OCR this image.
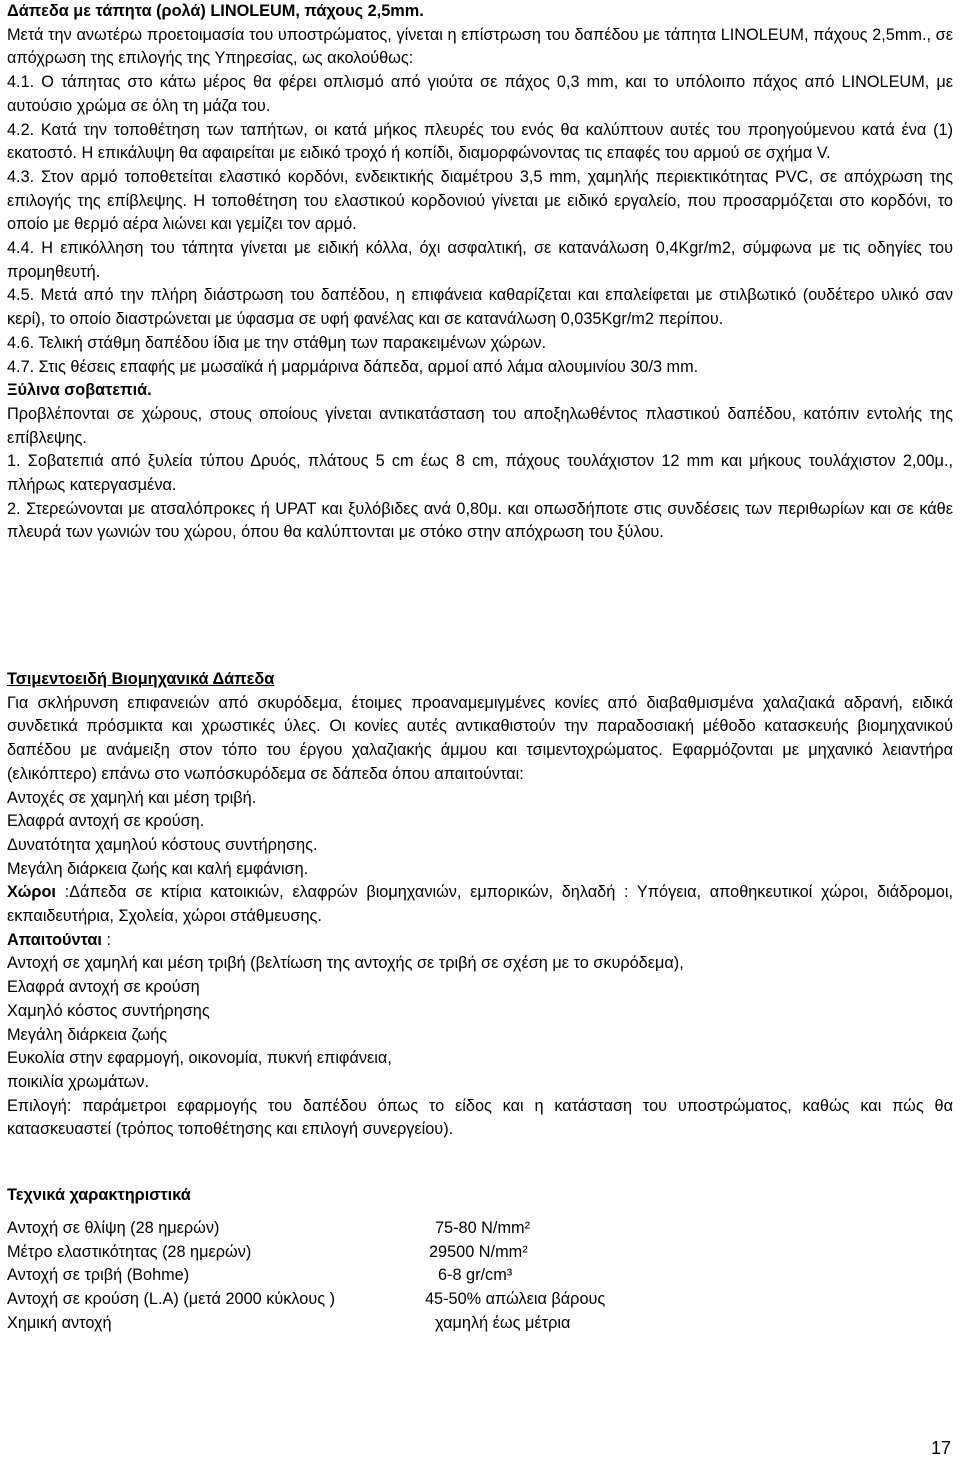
Δάπεδα με τάπητα (ρολά) LINOLEUM, πάχους 2,5mm.

Μετά την ανωτέρω προετοιμασία του υποστρώματος, γίνεται η επίστρωση του δαπέδου με τάπητα LINOLEUM, πάχους 2,5mm., σε απόχρωση της επιλογής της Υπηρεσίας, ως ακολούθως:

4.1. Ο τάπητας στο κάτω μέρος θα φέρει οπλισμό από γιούτα σε πάχος 0,3 mm, και το υπόλοιπο πάχος από LINOLEUM, με αυτούσιο χρώμα σε όλη τη μάζα του.

4.2. Κατά την τοποθέτηση των ταπήτων, οι κατά μήκος πλευρές του ενός θα καλύπτουν αυτές του προηγούμενου κατά ένα (1) εκατοστό. Η επικάλυψη θα αφαιρείται με ειδικό τροχό ή κοπίδι, διαμορφώνοντας τις επαφές του αρμού σε σχήμα V.

4.3. Στον αρμό τοποθετείται ελαστικό κορδόνι, ενδεικτικής διαμέτρου 3,5 mm, χαμηλής περιεκτικότητας PVC, σε απόχρωση της επιλογής της επίβλεψης. Η τοποθέτηση του ελαστικού κορδονιού γίνεται με ειδικό εργαλείο, που προσαρμόζεται στο κορδόνι, το οποίο με θερμό αέρα λιώνει και γεμίζει τον αρμό.

4.4. Η επικόλληση του τάπητα γίνεται με ειδική κόλλα, όχι ασφαλτική, σε κατανάλωση 0,4Kgr/m2, σύμφωνα με τις οδηγίες του προμηθευτή.

4.5. Μετά από την πλήρη διάστρωση του δαπέδου, η επιφάνεια καθαρίζεται και επαλείφεται με στιλβωτικό (ουδέτερο υλικό σαν κερί), το οποίο διαστρώνεται με ύφασμα σε υφή φανέλας και σε κατανάλωση 0,035Kgr/m2 περίπου.

4.6. Τελική στάθμη δαπέδου ίδια με την στάθμη των παρακειμένων χώρων.

4.7. Στις θέσεις επαφής με μωσαϊκά ή μαρμάρινα δάπεδα, αρμοί από λάμα αλουμινίου 30/3 mm.

Ξύλινα σοβατεπιά.

Προβλέπονται σε χώρους, στους οποίους γίνεται αντικατάσταση του αποξηλωθέντος πλαστικού δαπέδου, κατόπιν εντολής της επίβλεψης.

1. Σοβατεπιά από ξυλεία τύπου Δρυός, πλάτους 5 cm έως 8 cm, πάχους τουλάχιστον 12 mm και μήκους τουλάχιστον 2,00μ., πλήρως κατεργασμένα.

2. Στερεώνονται με ατσαλόπροκες ή UPAT και ξυλόβιδες ανά 0,80μ. και οπωσδήποτε στις συνδέσεις των περιθωρίων και σε κάθε πλευρά των γωνιών του χώρου, όπου θα καλύπτονται με στόκο στην απόχρωση του ξύλου.

Τσιμεντοειδή Βιομηχανικά Δάπεδα

Για σκλήρυνση επιφανειών από σκυρόδεμα, έτοιμες προαναμεμιγμένες κονίες από διαβαθμισμένα χαλαζιακά αδρανή, ειδικά συνδετικά πρόσμικτα και χρωστικές ύλες. Οι κονίες αυτές αντικαθιστούν την παραδοσιακή μέθοδο κατασκευής βιομηχανικού δαπέδου με ανάμειξη στον τόπο του έργου χαλαζιακής άμμου και τσιμεντοχρώματος. Εφαρμόζονται με μηχανικό λειαντήρα (ελικόπτερο) επάνω στο νωπόσκυρόδεμα σε δάπεδα όπου απαιτούνται:

Αντοχές σε χαμηλή και μέση τριβή.

Ελαφρά αντοχή σε κρούση.

Δυνατότητα χαμηλού κόστους συντήρησης.

Μεγάλη διάρκεια ζωής και καλή εμφάνιση.

Χώροι :Δάπεδα σε κτίρια κατοικιών, ελαφρών βιομηχανιών, εμπορικών, δηλαδή : Υπόγεια, αποθηκευτικοί χώροι, διάδρομοι, εκπαιδευτήρια, Σχολεία, χώροι στάθμευσης.

Απαιτούνται :

Αντοχή σε χαμηλή και μέση τριβή (βελτίωση της αντοχής σε τριβή σε σχέση με το σκυρόδεμα),

Ελαφρά αντοχή σε κρούση

Χαμηλό κόστος συντήρησης

Μεγάλη διάρκεια ζωής

Ευκολία στην εφαρμογή, οικονομία, πυκνή επιφάνεια,

ποικιλία χρωμάτων.

Επιλογή: παράμετροι εφαρμογής του δαπέδου όπως το είδος και η κατάσταση του υποστρώματος, καθώς και πώς θα κατασκευαστεί (τρόπος τοποθέτησης και επιλογή συνεργείου).

Τεχνικά χαρακτηριστικά

Αντοχή σε θλίψη (28 ημερών)	75-80 N/mm²
Μέτρο ελαστικότητας (28 ημερών)	29500 N/mm²
Αντοχή σε τριβή (Bohme)	6-8 gr/cm³
Αντοχή σε κρούση (L.A) (μετά 2000 κύκλους )	45-50% απώλεια βάρους
Χημική αντοχή	χαμηλή έως μέτρια
17
